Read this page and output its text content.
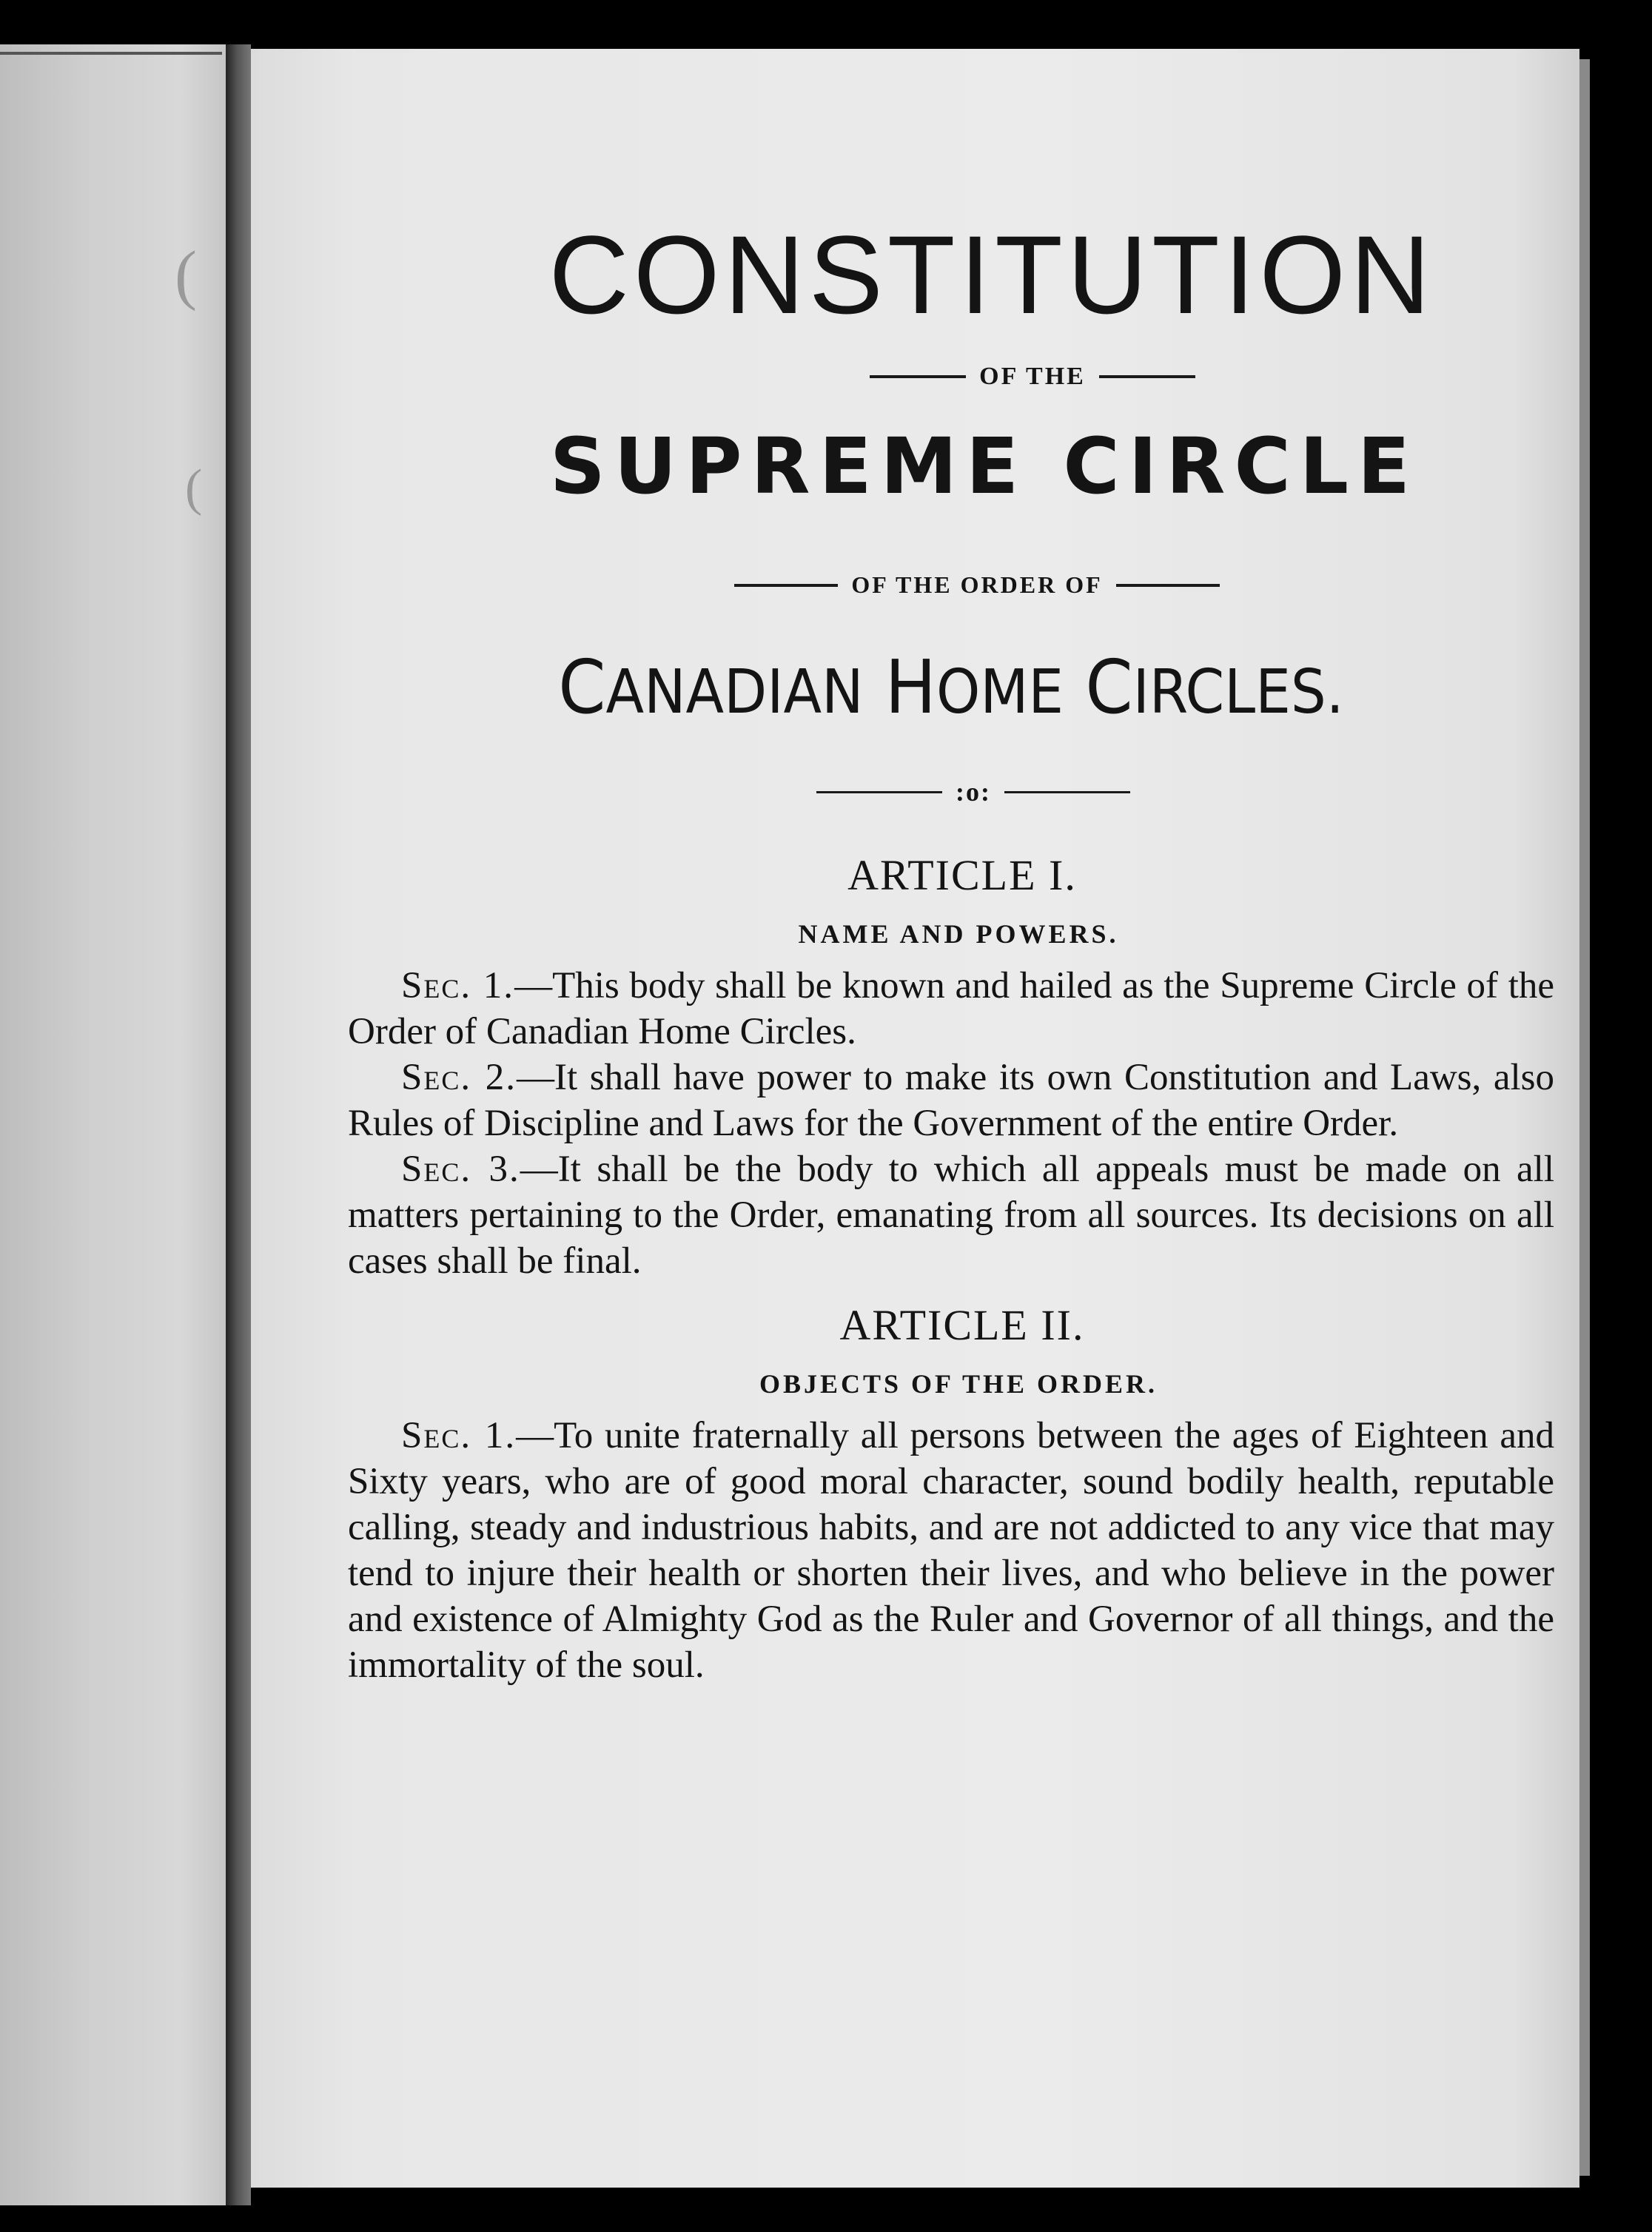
(
(
CONSTITUTION
OF THE
SUPREME CIRCLE
OF THE ORDER OF
CANADIAN HOME CIRCLES.
:o:
ARTICLE I.
NAME AND POWERS.

Sec. 1.—This body shall be known and hailed as the Supreme Circle of the Order of Canadian Home Circles.

Sec. 2.—It shall have power to make its own Constitution and Laws, also Rules of Discipline and Laws for the Government of the entire Order.

Sec. 3.—It shall be the body to which all appeals must be made on all matters pertaining to the Order, emanating from all sources. Its decisions on all cases shall be final.

ARTICLE II.
OBJECTS OF THE ORDER.

Sec. 1.—To unite fraternally all persons between the ages of Eighteen and Sixty years, who are of good moral character, sound bodily health, reputable calling, steady and industrious habits, and are not addicted to any vice that may tend to injure their health or shorten their lives, and who believe in the power and existence of Almighty God as the Ruler and Governor of all things, and the immortality of the soul.
